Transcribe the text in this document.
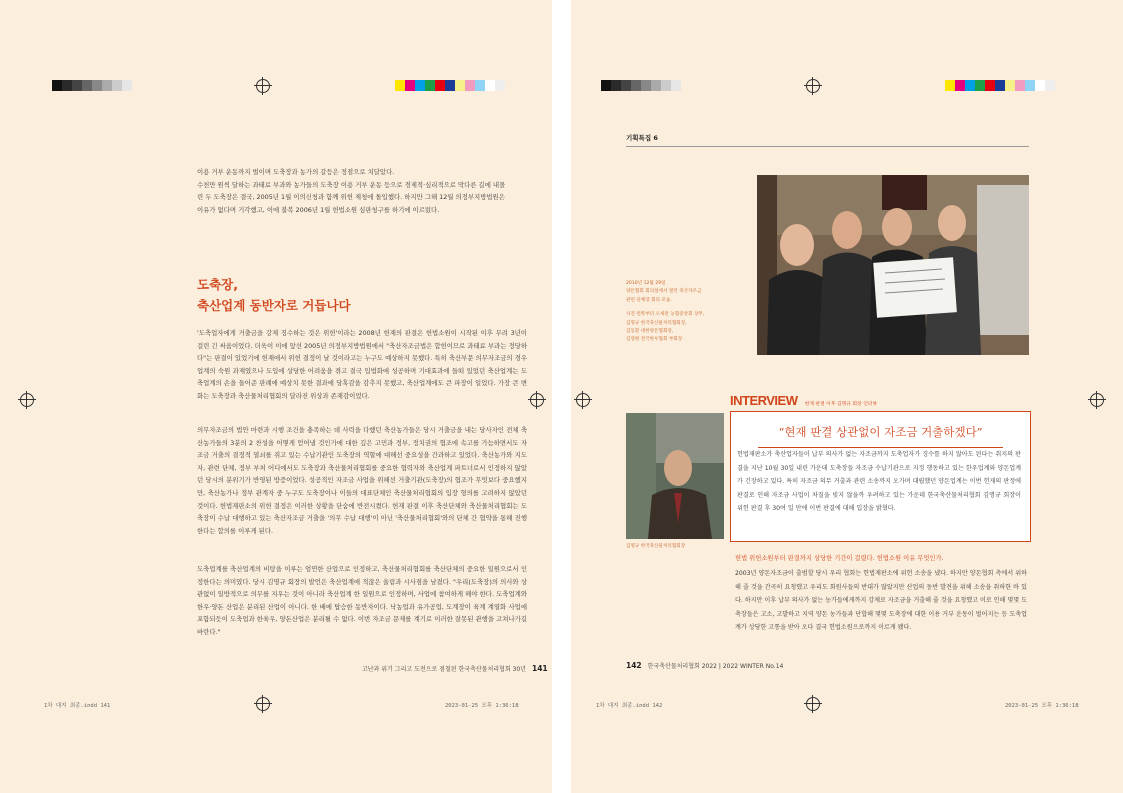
이용 거부 운동까지 벌이며 도축장과 농가의 갈등은 정점으로 치달았다.
수천만 원씩 달하는 과태료 부과와 농가들의 도축장 이용 거부 운동 등으로 경제적·심리적으로 막다른 길에 내몰
린 두 도축장은 결국, 2005년 1월 이의신청과 함께 위헌 제청에 돌입했다. 하지만 그해 12월 의정부지방법원은
이유가 없다며 기각했고, 이에 불복 2006년 1월 헌법소원 심판청구를 하기에 이르렀다.
도축장,
축산업계 동반자로 거듭나다

'도축업자에게 거출금을 강제 징수하는 것은 위헌'이라는 2008년 헌재의 판결은 헌법소원이 시작된 이후 무려 3년이 걸린 긴 싸움이었다. 더욱이 이에 앞선 2005년 의정부지방법원에서 "축산자조금법은 합헌이므로 과태료 부과는 정당하다"는 판결이 있었기에 헌재에서 위헌 결정이 날 것이라고는 누구도 예상하지 못했다. 특히 축산부문 의무자조금의 경우 업계의 숙원 과제였으나 도입에 상당한 어려움을 겪고 결국 입법화에 성공하며 기대효과에 들떠 있었던 축산업계는 도축업계의 손을 들어준 판례에 예상치 못한 결과에 당혹감을 감추지 못했고, 축산업계에도 큰 파장이 일었다. 가장 큰 변화는 도축장과 축산물처리협회의 달라진 위상과 존재감이었다.

의무자조금의 법안 마련과 시행 조건을 충족하는 데 사력을 다했던 축산농가들은 당시 거출금을 내는 당사자인 전체 축산농가들의 3분의 2 찬성을 어떻게 얻어낼 것인가에 대한 깊은 고민과 정부, 정치권의 협조에 속고를 가늠하면서도 자조금 거출의 결정적 열쇠를 쥐고 있는 수납기관인 도축장의 역할에 대해선 중요성을 간과하고 있었다. 축산농가와 지도자, 관련 단체, 정부 부처 어디에서도 도축장과 축산물처리협회를 중요한 협력자와 축산업계 파트너로서 인정하지 않았던 당시의 분위기가 반영된 방증이었다. 성공적인 자조금 사업을 위해선 거출기관(도축장)의 협조가 무엇보다 중요했지만, 축산농가나 정부 관계자 중 누구도 도축장이나 이들의 대표단체인 축산물처리협회의 입장 형의를 고려하지 않았던 것이다. 헌법재판소의 위헌 결정은 이러한 상황을 단숨에 반전시켰다. 헌재 판결 이후 축산단체와 축산물처리협회는 도축장이 수납 대행하고 있는 축산자조금 거출을 '의무 수납 대행'이 아닌 '축산물처리협회'와의 단체 간 협약을 통해 진행한다는 합의를 이루게 된다.

도축업계를 축산업계의 비탕을 이루는 엄연한 산업으로 인정하고, 축산물처리협회를 축산단체의 중요한 일원으로서 인정한다는 의미였다. 당시 김명규 회장의 발언은 축산업계에 적잖은 울림과 시사점을 남겼다. "우리(도축장)의 의사와 상관없이 일방적으로 의무를 지우는 것이 아니라 축산업계 한 일원으로 인정하며, 사업에 참여하게 해야 한다. 도축업계와 한우·양돈 산업은 분리된 산업이 아니다. 한 배에 탑승한 동반자이다. 낙농업과 유가공업, 도계장이 육계 계열화 사업에 포함되듯이 도축업과 한육우, 양돈산업은 분리될 수 없다. 이번 자조금 문제를 계기로 이러한 잘못된 관행을 고쳐나가길 바란다."

고난과 위기 그리고 도전으로 점철된 한국축산물처리협회 30년 141
1차 대지 최종.indd 141	2023-01-25 오후 1:36:18
기획특집 6
2010년 12월 29일
양돈협회 회의실에서 열린 축산자조금
관련 단체장 회의 모습.
사진 왼쪽부터 오세관 농협중앙회 상무,
김명규 한국축산물처리협회장,
김동환 대한양돈협회장,
김영원 전국한우협회 부회장
INTERVIEW 헌재 판결 이후 김명규 회장 인터뷰
김명규 한국축산물처리협회장
“현재 판결 상관없이 자조금 거출하겠다”
헌법재판소가 축산업자들이 납부 의사가 없는 자조금까지 도축업자가 징수를 하지 않아도 된다는 취지의 판결을 지난 10월 30일 내린 가운데 도축장들 자조금 수납기관으로 지정 행동하고 있는 한우업계와 양돈업계가 긴장하고 있다. 특히 자조금 의무 거출과 관련 소송까지 오가며 대립했던 양돈업계는 이번 헌재의 판정에 판결로 인해 자조금 사업이 차질을 빚지 않을까 우려하고 있는 가운데 한국축산물처리협회 김명규 회장이 위헌 판결 후 30여 일 만에 이번 판결에 대해 입장을 밝혔다.
헌법 위헌소원부터 판결까지 상당한 기간이 걸렸다. 헌법소원 이유 무엇인가.
2003년 양돈자조금이 출범할 당시 우리 협회는 헌법재판소에 위헌 소송을 냈다. 하지만 양돈협회 측에서 위하해 줄 것을 간곡히 요청했고 우리도 회원사들의 반대가 많았지만 산업의 동반 발전을 위해 소송을 취하한 바 있다. 하지만 이후 납부 의사가 없는 농가들에게까지 강제로 자조금을 거출해 줄 것을 요청했고 이로 인해 몇몇 도축장들은 고소, 고발하고 지역 양돈 농가들과 단합해 몇몇 도축장에 대한 이용 거부 운동이 벌어지는 등 도축업계가 상당한 고통을 받아 오다 결국 헌법소원으로까지 이르게 됐다.
142 한국축산물처리협회 2022 | 2022 WINTER No.14
1차 대지 최종.indd 142	2023-01-25 오후 1:36:18
